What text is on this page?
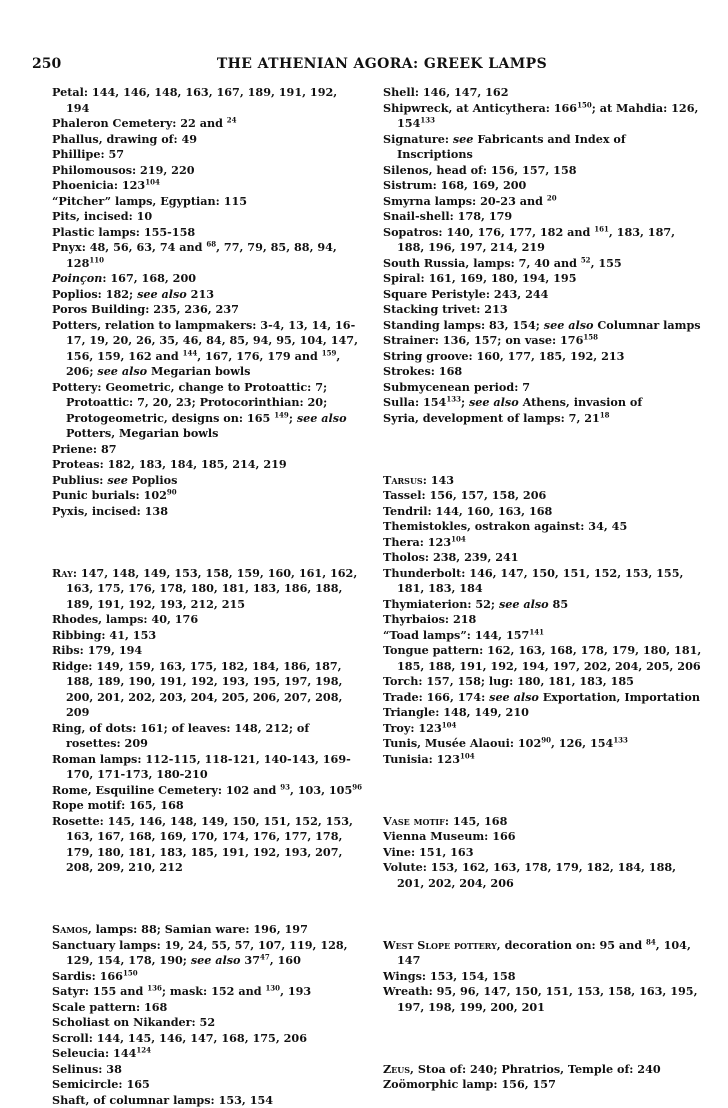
250	THE ATHENIAN AGORA: GREEK LAMPS
Petal: 144, 146, 148, 163, 167, 189, 191, 192, 194
Phaleron Cemetery: 22 and $^{24}$
Phallus, drawing of: 49
Phillipe: 57
Philomousos: 219, 220
Phoenicia: $123^{104}$
“Pitcher” lamps, Egyptian: 115
Pits, incised: 10
Plastic lamps: 155-158
Pnyx: 48, 56, 63, 74 and $^{68}$, 77, 79, 85, 88, 94, $128^{110}$
Poinçon: 167, 168, 200
Poplios: 182; see also 213
Poros Building: 235, 236, 237
Potters, relation to lampmakers: 3-4, 13, 14, 16-17, 19, 20, 26, 35, 46, 84, 85, 94, 95, 104, 147, 156, 159, 162 and $^{144}$, 167, 176, 179 and $^{159}$, 206; see also Megarian bowls
Pottery: Geometric, change to Protoattic: 7; Protoattic: 7, 20, 23; Protocorinthian: 20; Protogeometric, designs on: 165 $^{149}$; see also Potters, Megarian bowls
Priene: 87
Proteas: 182, 183, 184, 185, 214, 219
Publius: see Poplios
Punic burials: $102^{90}$
Pyxis, incised: 138
Ray: 147, 148, 149, 153, 158, 159, 160, 161, 162, 163, 175, 176, 178, 180, 181, 183, 186, 188, 189, 191, 192, 193, 212, 215
Rhodes, lamps: 40, 176
Ribbing: 41, 153
Ribs: 179, 194
Ridge: 149, 159, 163, 175, 182, 184, 186, 187, 188, 189, 190, 191, 192, 193, 195, 197, 198, 200, 201, 202, 203, 204, 205, 206, 207, 208, 209
Ring, of dots: 161; of leaves: 148, 212; of rosettes: 209
Roman lamps: 112-115, 118-121, 140-143, 169-170, 171-173, 180-210
Rome, Esquiline Cemetery: 102 and $^{93}$, 103, $105^{96}$
Rope motif: 165, 168
Rosette: 145, 146, 148, 149, 150, 151, 152, 153, 163, 167, 168, 169, 170, 174, 176, 177, 178, 179, 180, 181, 183, 185, 191, 192, 193, 207, 208, 209, 210, 212
Samos, lamps: 88; Samian ware: 196, 197
Sanctuary lamps: 19, 24, 55, 57, 107, 119, 128, 129, 154, 178, 190; see also $37^{47}$, 160
Sardis: $166^{150}$
Satyr: 155 and $^{136}$; mask: 152 and $^{130}$, 193
Scale pattern: 168
Scholiast on Nikander: 52
Scroll: 144, 145, 146, 147, 168, 175, 206
Seleucia: $144^{124}$
Selinus: 38
Semicircle: 165
Shaft, of columnar lamps: 153, 154
Shell: 146, 147, 162
Shipwreck, at Anticythera: $166^{150}$; at Mahdia: 126, $154^{133}$
Signature: see Fabricants and Index of Inscriptions
Silenos, head of: 156, 157, 158
Sistrum: 168, 169, 200
Smyrna lamps: 20-23 and $^{20}$
Snail-shell: 178, 179
Sopatros: 140, 176, 177, 182 and $^{161}$, 183, 187, 188, 196, 197, 214, 219
South Russia, lamps: 7, 40 and $^{52}$, 155
Spiral: 161, 169, 180, 194, 195
Square Peristyle: 243, 244
Stacking trivet: 213
Standing lamps: 83, 154; see also Columnar lamps
Strainer: 136, 157; on vase: $176^{158}$
String groove: 160, 177, 185, 192, 213
Strokes: 168
Submycenean period: 7
Sulla: $154^{133}$; see also Athens, invasion of
Syria, development of lamps: 7, $21^{18}$
Tarsus: 143
Tassel: 156, 157, 158, 206
Tendril: 144, 160, 163, 168
Themistokles, ostrakon against: 34, 45
Thera: $123^{104}$
Tholos: 238, 239, 241
Thunderbolt: 146, 147, 150, 151, 152, 153, 155, 181, 183, 184
Thymiaterion: 52; see also 85
Thyrbaios: 218
“Toad lamps”: 144, $157^{141}$
Tongue pattern: 162, 163, 168, 178, 179, 180, 181, 185, 188, 191, 192, 194, 197, 202, 204, 205, 206
Torch: 157, 158; lug: 180, 181, 183, 185
Trade: 166, 174: see also Exportation, Importation
Triangle: 148, 149, 210
Troy: $123^{104}$
Tunis, Musée Alaoui: $102^{90}$, 126, $154^{133}$
Tunisia: $123^{104}$
Vase motif: 145, 168
Vienna Museum: 166
Vine: 151, 163
Volute: 153, 162, 163, 178, 179, 182, 184, 188, 201, 202, 204, 206
West Slope pottery, decoration on: 95 and $^{84}$, 104, 147
Wings: 153, 154, 158
Wreath: 95, 96, 147, 150, 151, 153, 158, 163, 195, 197, 198, 199, 200, 201
Zeus, Stoa of: 240; Phratrios, Temple of: 240
Zoömorphic lamp: 156, 157
